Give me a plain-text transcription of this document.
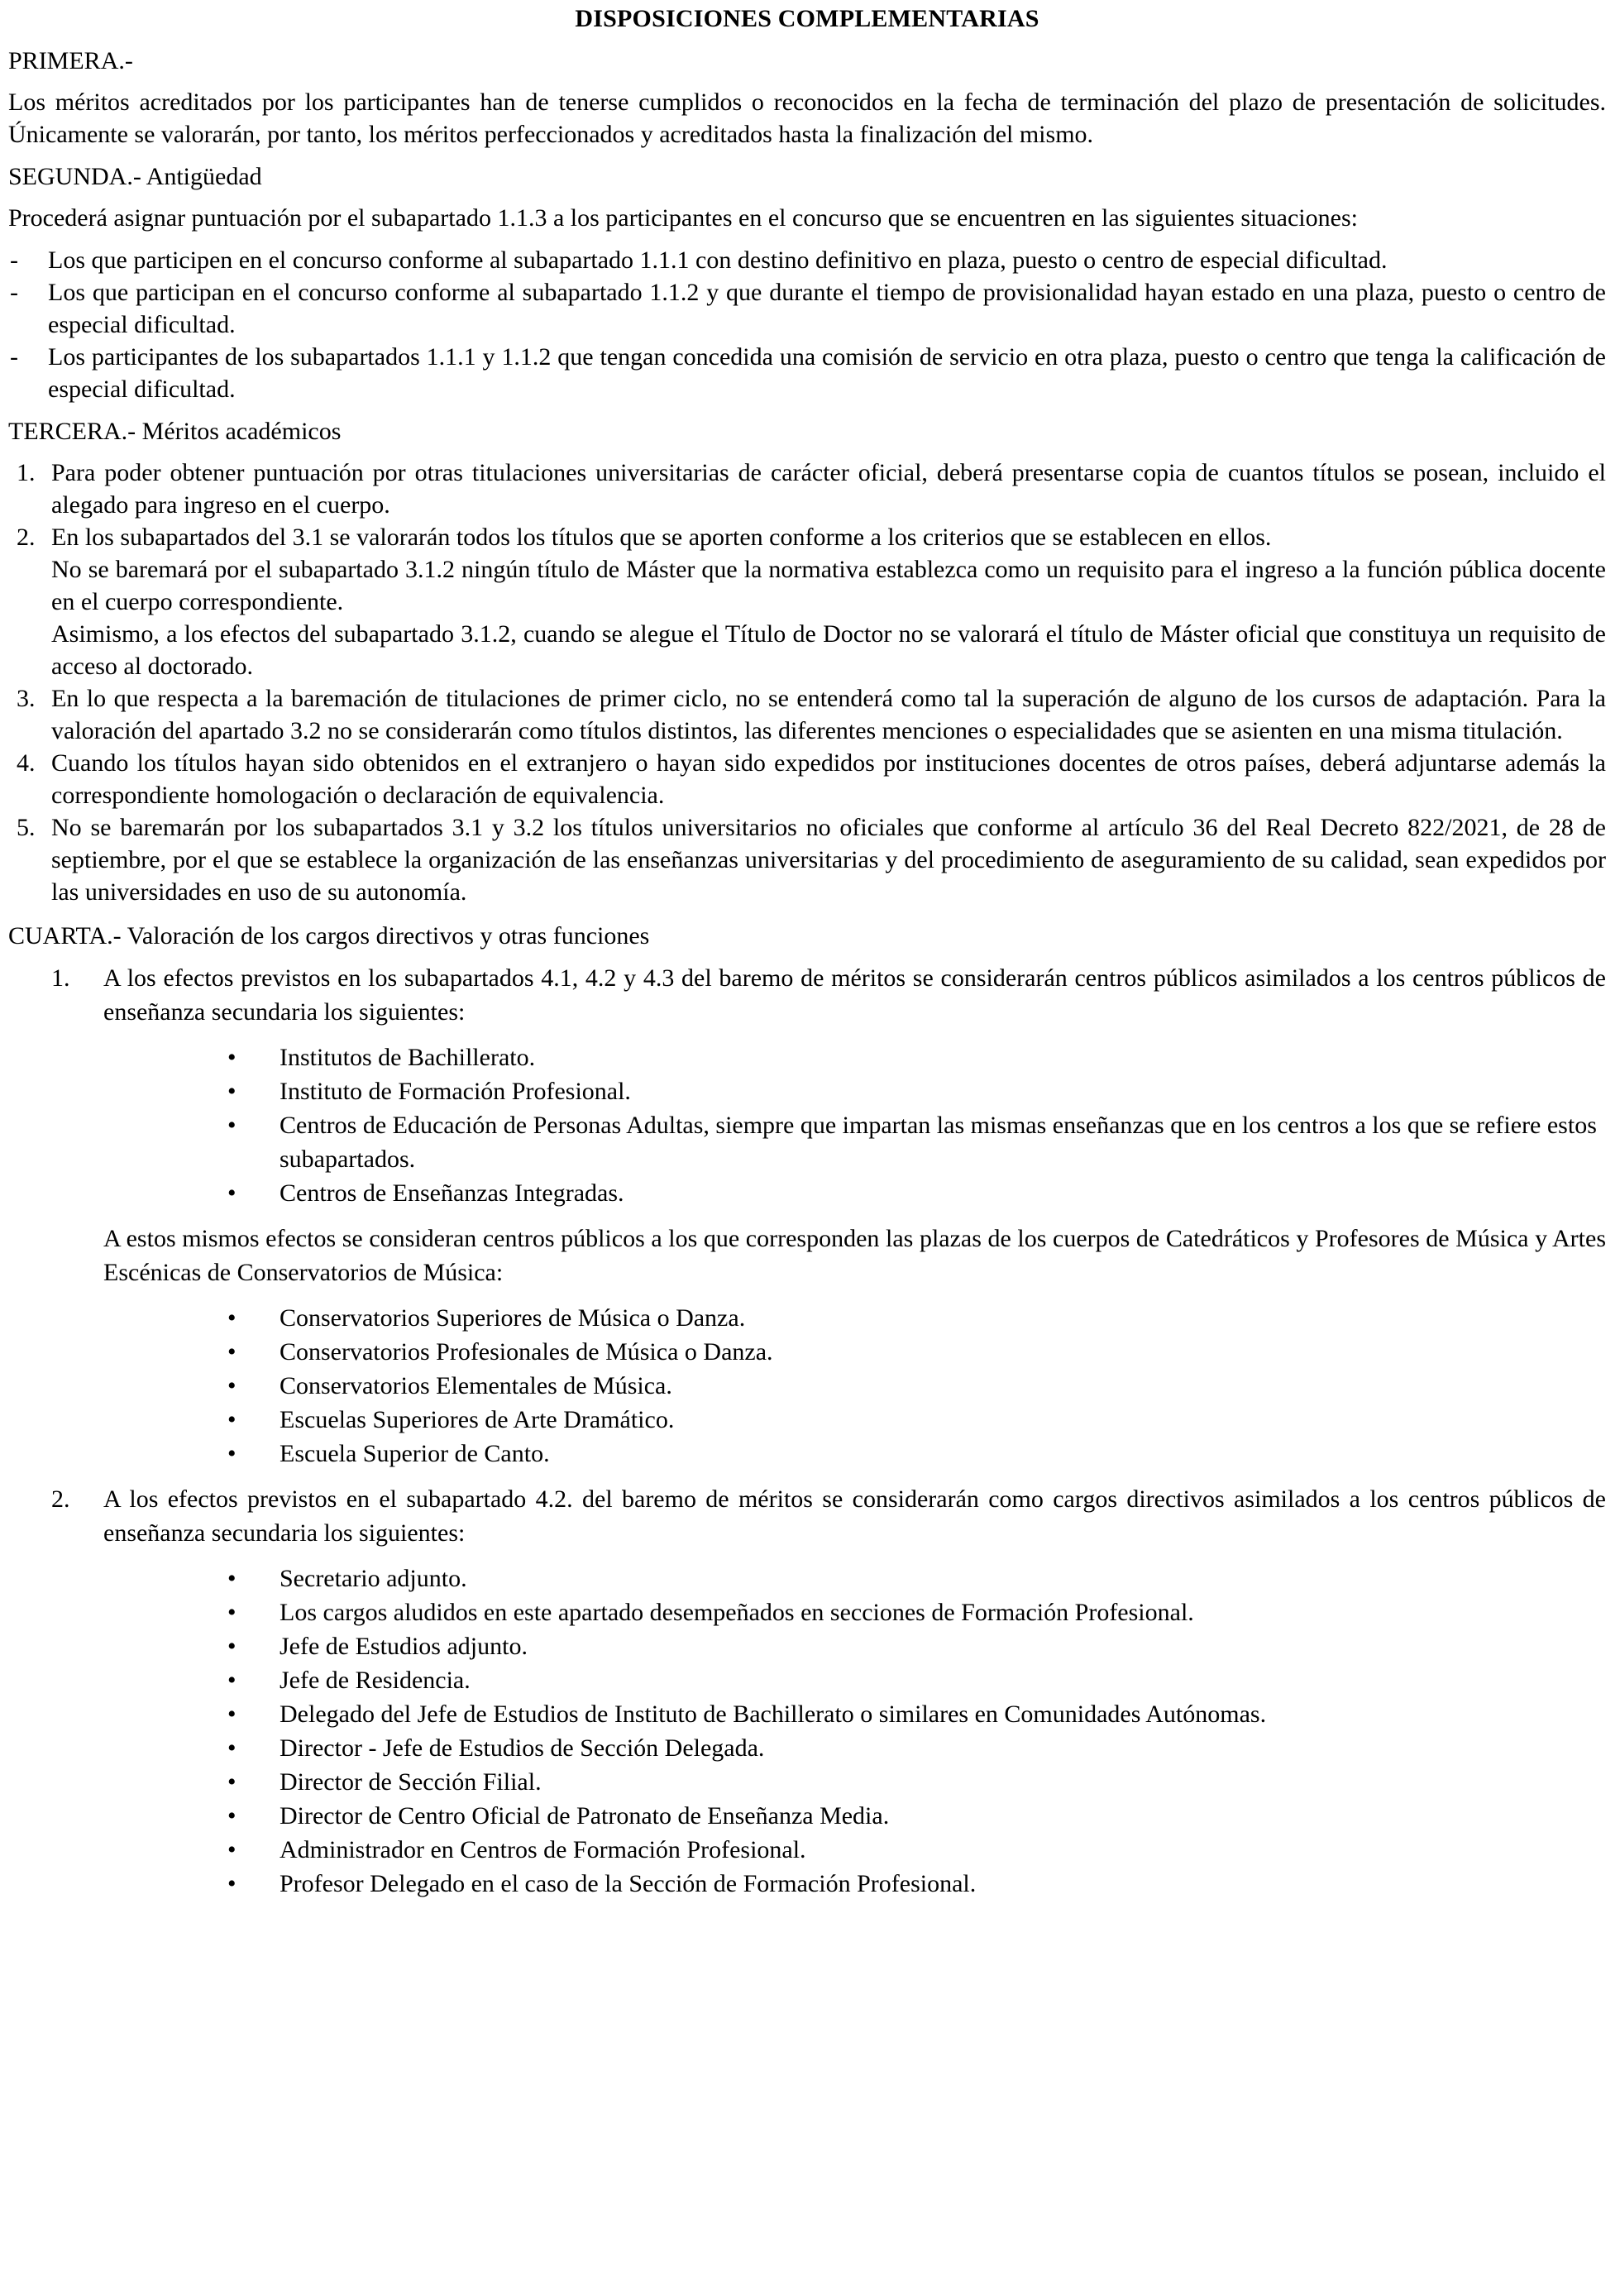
DISPOSICIONES COMPLEMENTARIAS
PRIMERA.-

Los méritos acreditados por los participantes han de tenerse cumplidos o reconocidos en la fecha de terminación del plazo de presentación de solicitudes. Únicamente se valorarán, por tanto, los méritos perfeccionados y acreditados hasta la finalización del mismo.

SEGUNDA.- Antigüedad

Procederá asignar puntuación por el subapartado 1.1.3 a los participantes en el concurso que se encuentren en las siguientes situaciones:

-	Los que participen en el concurso conforme al subapartado 1.1.1 con destino definitivo en plaza, puesto o centro de especial dificultad.
-	Los que participan en el concurso conforme al subapartado 1.1.2 y que durante el tiempo de provisionalidad hayan estado en una plaza, puesto o centro de especial dificultad.
-	Los participantes de los subapartados 1.1.1 y 1.1.2 que tengan concedida una comisión de servicio en otra plaza, puesto o centro que tenga la calificación de especial dificultad.
TERCERA.- Méritos académicos
1. Para poder obtener puntuación por otras titulaciones universitarias de carácter oficial, deberá presentarse copia de cuantos títulos se posean, incluido el alegado para ingreso en el cuerpo.
2. En los subapartados del 3.1 se valorarán todos los títulos que se aporten conforme a los criterios que se establecen en ellos.
No se baremará por el subapartado 3.1.2 ningún título de Máster que la normativa establezca como un requisito para el ingreso a la función pública docente en el cuerpo correspondiente.
Asimismo, a los efectos del subapartado 3.1.2, cuando se alegue el Título de Doctor no se valorará el título de Máster oficial que constituya un requisito de acceso al doctorado.
3. En lo que respecta a la baremación de titulaciones de primer ciclo, no se entenderá como tal la superación de alguno de los cursos de adaptación. Para la valoración del apartado 3.2 no se considerarán como títulos distintos, las diferentes menciones o especialidades que se asienten en una misma titulación.
4. Cuando los títulos hayan sido obtenidos en el extranjero o hayan sido expedidos por instituciones docentes de otros países, deberá adjuntarse además la correspondiente homologación o declaración de equivalencia.
5. No se baremarán por los subapartados 3.1 y 3.2 los títulos universitarios no oficiales que conforme al artículo 36 del Real Decreto 822/2021, de 28 de septiembre, por el que se establece la organización de las enseñanzas universitarias y del procedimiento de aseguramiento de su calidad, sean expedidos por las universidades en uso de su autonomía.
CUARTA.- Valoración de los cargos directivos y otras funciones
1.	A los efectos previstos en los subapartados 4.1, 4.2 y 4.3 del baremo de méritos se considerarán centros públicos asimilados a los centros públicos de enseñanza secundaria los siguientes:
• Institutos de Bachillerato.
• Instituto de Formación Profesional.
• Centros de Educación de Personas Adultas, siempre que impartan las mismas enseñanzas que en los centros a los que se refiere estos subapartados.
• Centros de Enseñanzas Integradas.

A estos mismos efectos se consideran centros públicos a los que corresponden las plazas de los cuerpos de Catedráticos y Profesores de Música y Artes Escénicas de Conservatorios de Música:

• Conservatorios Superiores de Música o Danza.
• Conservatorios Profesionales de Música o Danza.
• Conservatorios Elementales de Música.
• Escuelas Superiores de Arte Dramático.
• Escuela Superior de Canto.
2.	A los efectos previstos en el subapartado 4.2. del baremo de méritos se considerarán como cargos directivos asimilados a los centros públicos de enseñanza secundaria los siguientes:
• Secretario adjunto.
• Los cargos aludidos en este apartado desempeñados en secciones de Formación Profesional.
• Jefe de Estudios adjunto.
• Jefe de Residencia.
• Delegado del Jefe de Estudios de Instituto de Bachillerato o similares en Comunidades Autónomas.
• Director - Jefe de Estudios de Sección Delegada.
• Director de Sección Filial.
• Director de Centro Oficial de Patronato de Enseñanza Media.
• Administrador en Centros de Formación Profesional.
• Profesor Delegado en el caso de la Sección de Formación Profesional.
